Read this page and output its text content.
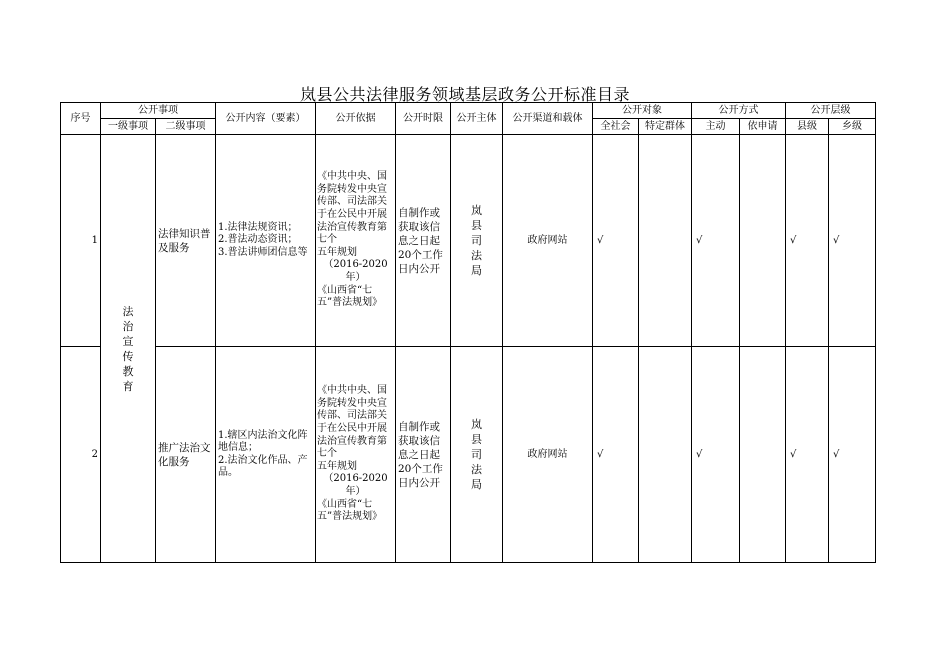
岚县公共法律服务领域基层政务公开标准目录
序号	公开事项		公开内容（要素）	公开依据	公开时限	公开主体	公开渠道和载体	公开对象		公开方式		公开层级	
	一级事项	二级事项						全社会	特定群体	主动	依申请	县级	乡级
1	法治宣传教育	法律知识普及服务	1.法律法规资讯；
2.普法动态资讯；
3.普法讲师团信息等	《中共中央、国务院转发中央宣传部、司法部关于在公民中开展法治宣传教育第七个
五年规划
（2016-2020年）
《山西省“七五”普法规划》	自制作或获取该信息之日起20个工作日内公开	岚县司法局	政府网站	√		√		√	√
2		推广法治文化服务	1.辖区内法治文化阵地信息；
2.法治文化作品、产品。	《中共中央、国务院转发中央宣传部、司法部关于在公民中开展法治宣传教育第七个
五年规划
（2016-2020年）
《山西省“七五”普法规划》	自制作或获取该信息之日起20个工作日内公开	岚县司法局	政府网站	√		√		√	√
